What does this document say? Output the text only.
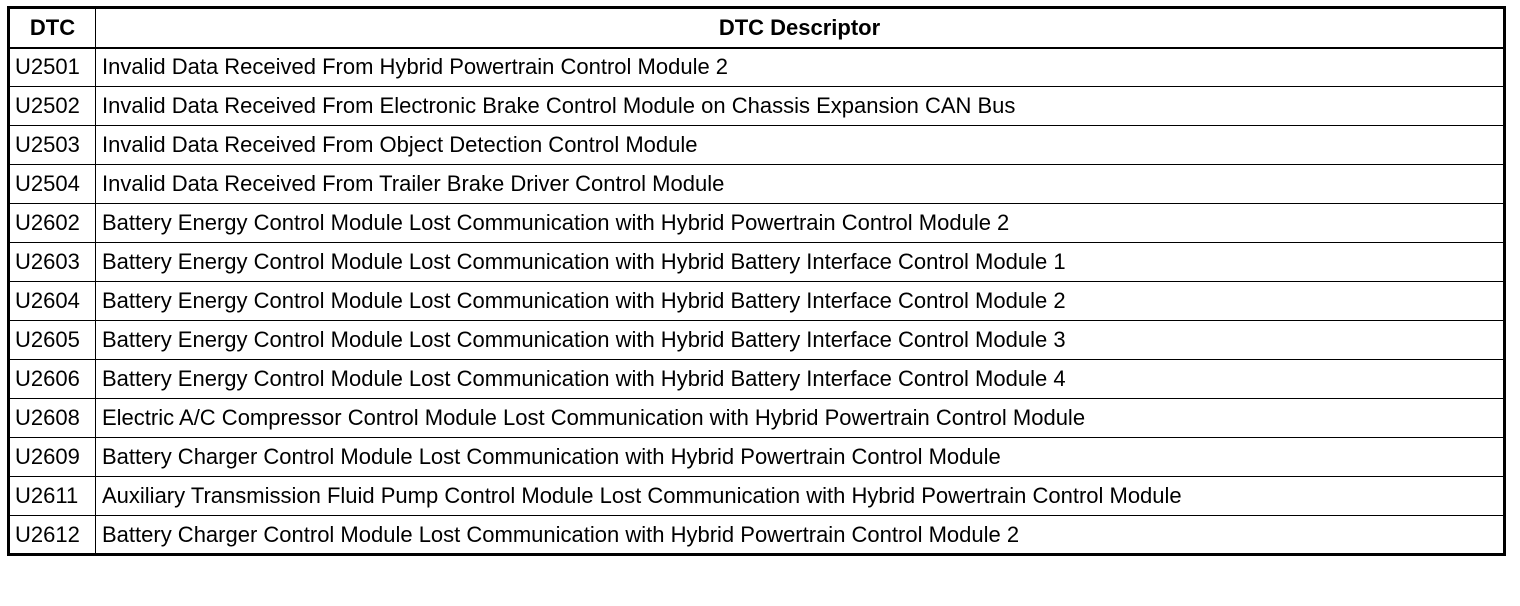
DTC	DTC Descriptor
U2501	Invalid Data Received From Hybrid Powertrain Control Module 2
U2502	Invalid Data Received From Electronic Brake Control Module on Chassis Expansion CAN Bus
U2503	Invalid Data Received From Object Detection Control Module
U2504	Invalid Data Received From Trailer Brake Driver Control Module
U2602	Battery Energy Control Module Lost Communication with Hybrid Powertrain Control Module 2
U2603	Battery Energy Control Module Lost Communication with Hybrid Battery Interface Control Module 1
U2604	Battery Energy Control Module Lost Communication with Hybrid Battery Interface Control Module 2
U2605	Battery Energy Control Module Lost Communication with Hybrid Battery Interface Control Module 3
U2606	Battery Energy Control Module Lost Communication with Hybrid Battery Interface Control Module 4
U2608	Electric A/C Compressor Control Module Lost Communication with Hybrid Powertrain Control Module
U2609	Battery Charger Control Module Lost Communication with Hybrid Powertrain Control Module
U2611	Auxiliary Transmission Fluid Pump Control Module Lost Communication with Hybrid Powertrain Control Module
U2612	Battery Charger Control Module Lost Communication with Hybrid Powertrain Control Module 2
